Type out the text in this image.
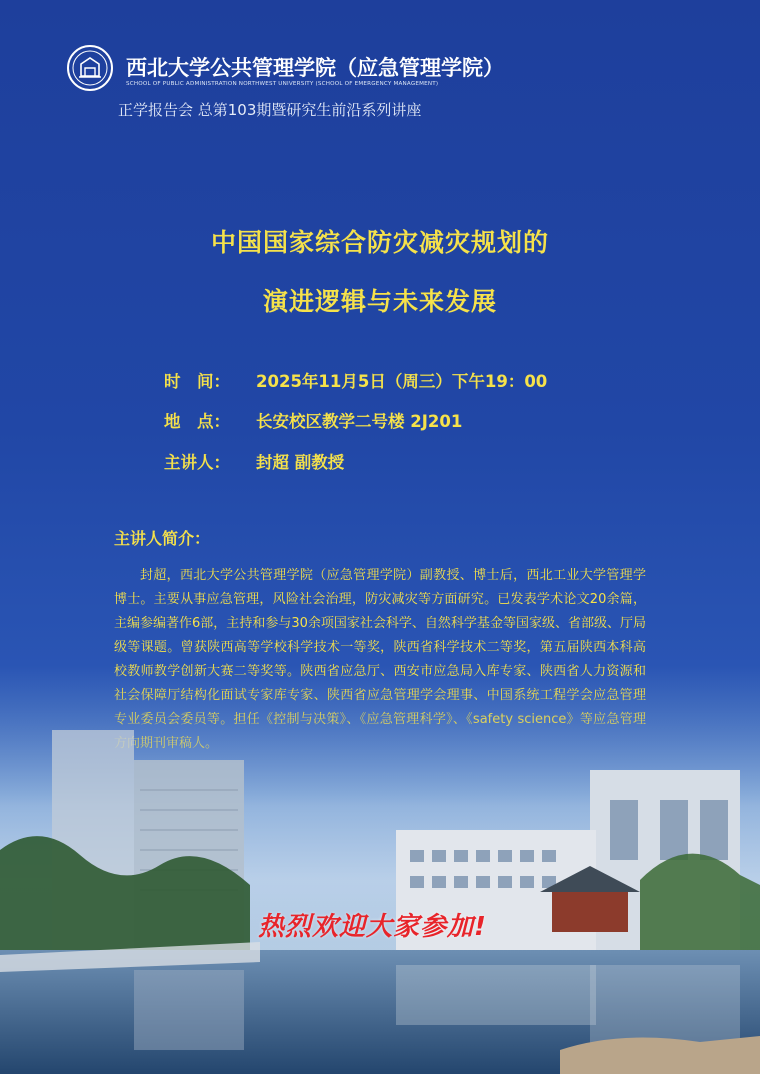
西北大学公共管理学院（应急管理学院）
SCHOOL OF PUBLIC ADMINISTRATION NORTHWEST UNIVERSITY (SCHOOL OF EMERGENCY MANAGEMENT)
正学报告会 总第103期暨研究生前沿系列讲座
中国国家综合防灾减灾规划的
演进逻辑与未来发展
时　间： 2025年11月5日（周三）下午19：00
地　点： 长安校区教学二号楼 2J201
主讲人： 封超 副教授
主讲人简介：
封超，西北大学公共管理学院（应急管理学院）副教授、博士后，西北工业大学管理学博士。主要从事应急管理，风险社会治理，防灾减灾等方面研究。已发表学术论文20余篇，主编参编著作6部，主持和参与30余项国家社会科学、自然科学基金等国家级、省部级、厅局级等课题。曾获陕西高等学校科学技术一等奖，陕西省科学技术二等奖，第五届陕西本科高校教师教学创新大赛二等奖等。陕西省应急厅、西安市应急局入库专家、陕西省人力资源和
热烈欢迎大家参加!
